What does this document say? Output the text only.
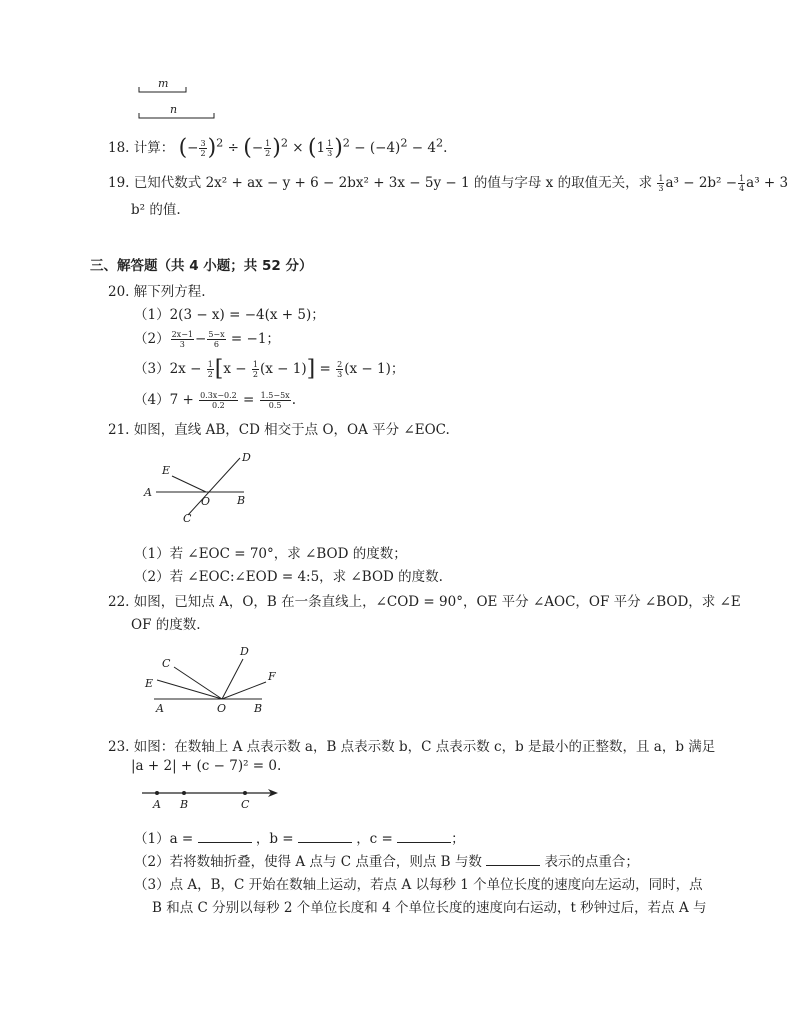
m
n
18. 计算： (− $\frac{3}{2} )^2$ ÷ (− $\frac{1}{2} )^2 \times (1 \frac{1}{3} )^2 - (-4)^2 - 4^2$.
19. 已知代数式 2x² + ax − y + 6 − 2bx² + 3x − 5y − 1 的值与字母 x 的取值无关，求 $\frac{1}{3} a^3 - 2b^2 - \frac{1}{4} a^3 + 3$
b² 的值.
三、解答题（共 4 小题；共 52 分）
20. 解下列方程.
（1）2(3 − x) = −4(x + 5)；
$(2) \frac{2x-1}{3} - \frac{5-x}{6} = -1$；
$(3)2x - \frac{1}{2} [x - \frac{1}{2} (x - 1)] = \frac{2}{3} (x - 1)$；
$(4)7 + \frac{0.3x-0.2}{0.2} = \frac{1.5-5x}{0.5}$ .
21. 如图，直线 AB，CD 相交于点 O，OA 平分 ∠EOC.
A
B
C
D
E
O
（1）若 ∠EOC = 70°，求 ∠BOD 的度数；
（2）若 ∠EOC:∠EOD = 4:5，求 ∠BOD 的度数.
22. 如图，已知点 A，O，B 在一条直线上，∠COD = 90°，OE 平分 ∠AOC，OF 平分 ∠BOD，求 ∠E
OF 的度数.
A	O	B
C
E
D
F
23. 如图：在数轴上 A 点表示数 a，B 点表示数 b，C 点表示数 c，b 是最小的正整数，且 a，b 满足
|a + 2| + (c − 7)² = 0.
A B	C
（1）a =	，b =	，c =	；
（2）若将数轴折叠，使得 A 点与 C 点重合，则点 B 与数	表示的点重合；
（3）点 A，B，C 开始在数轴上运动，若点 A 以每秒 1 个单位长度的速度向左运动，同时，点
B 和点 C 分别以每秒 2 个单位长度和 4 个单位长度的速度向右运动，t 秒钟过后，若点 A 与
